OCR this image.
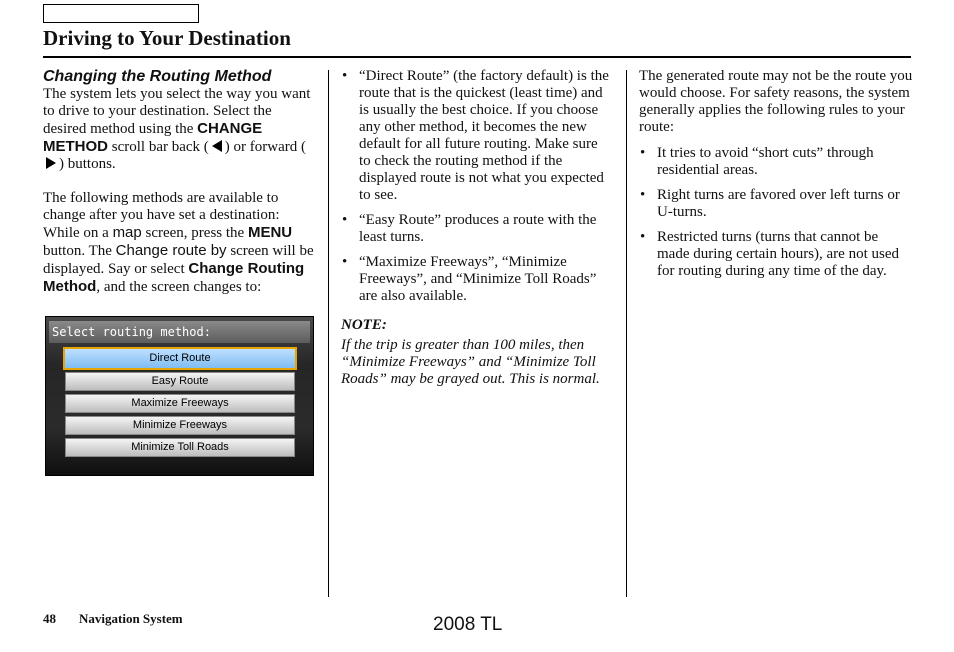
Driving to Your Destination

Changing the Routing Method

The system lets you select the way you want to drive to your destination. Select the desired method using the CHANGE METHOD scroll bar back ( ) or forward () buttons.

The following methods are available to change after you have set a destination: While on a map screen, press the MENU button. The Change route by screen will be displayed. Say or select Change Routing Method, and the screen changes to:

Select routing method:
Direct Route
Easy Route
Maximize Freeways
Minimize Freeways
Minimize Toll Roads
• “Direct Route” (the factory default) is the route that is the quickest (least time) and is usually the best choice. If you choose any other method, it becomes the new default for all future routing. Make sure to check the routing method if the displayed route is not what you expected to see.
• “Easy Route” produces a route with the least turns.
• “Maximize Freeways”, “Minimize Freeways”, and “Minimize Toll Roads” are also available.

NOTE:

If the trip is greater than 100 miles, then “Minimize Freeways” and “Minimize Toll Roads” may be grayed out. This is normal.

The generated route may not be the route you would choose. For safety reasons, the system generally applies the following rules to your route:

• It tries to avoid “short cuts” through residential areas.
• Right turns are favored over left turns or U-turns.
• Restricted turns (turns that cannot be made during certain hours), are not used for routing during any time of the day.
48 Navigation System	2008 TL
